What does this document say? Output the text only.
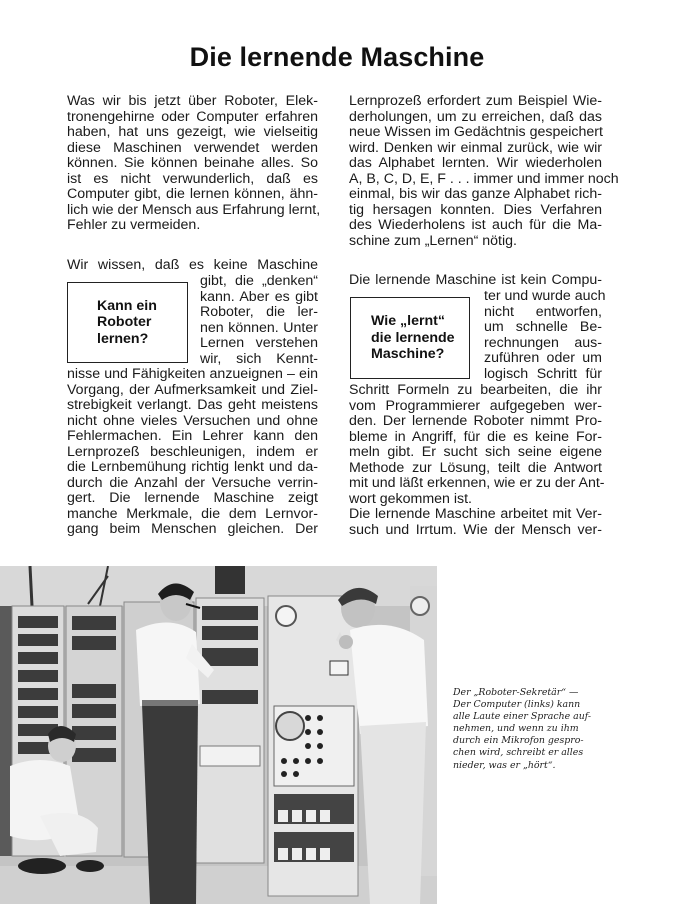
Die lernende Maschine
Was wir bis jetzt über Roboter, Elek-
tronengehirne oder Computer erfahren
haben, hat uns gezeigt, wie vielseitig
diese Maschinen verwendet werden
können. Sie können beinahe alles. So
ist es nicht verwunderlich, daß es
Computer gibt, die lernen können, ähn-
lich wie der Mensch aus Erfahrung lernt,
Fehler zu vermeiden.
Wir wissen, daß es keine Maschine
Kann ein
Roboter
lernen?
gibt, die „denken“
kann. Aber es gibt
Roboter, die ler-
nen können. Unter
Lernen verstehen
wir, sich Kennt-
nisse und Fähigkeiten anzueignen – ein
Vorgang, der Aufmerksamkeit und Ziel-
strebigkeit verlangt. Das geht meistens
nicht ohne vieles Versuchen und ohne
Fehlermachen. Ein Lehrer kann den
Lernprozeß beschleunigen, indem er
die Lernbemühung richtig lenkt und da-
durch die Anzahl der Versuche verrin-
gert. Die lernende Maschine zeigt
manche Merkmale, die dem Lernvor-
gang beim Menschen gleichen. Der
Lernprozeß erfordert zum Beispiel Wie-
derholungen, um zu erreichen, daß das
neue Wissen im Gedächtnis gespeichert
wird. Denken wir einmal zurück, wie wir
das Alphabet lernten. Wir wiederholen
A, B, C, D, E, F . . . immer und immer noch
einmal, bis wir das ganze Alphabet rich-
tig hersagen konnten. Dies Verfahren
des Wiederholens ist auch für die Ma-
schine zum „Lernen“ nötig.
Die lernende Maschine ist kein Compu-
Wie „lernt“
die lernende
Maschine?
ter und wurde auch
nicht entworfen,
um schnelle Be-
rechnungen aus-
zuführen oder um
logisch Schritt für
Schritt Formeln zu bearbeiten, die ihr
vom Programmierer aufgegeben wer-
den. Der lernende Roboter nimmt Pro-
bleme in Angriff, für die es keine For-
meln gibt. Er sucht sich seine eigene
Methode zur Lösung, teilt die Antwort
mit und läßt erkennen, wie er zu der Ant-
wort gekommen ist.
Die lernende Maschine arbeitet mit Ver-
such und Irrtum. Wie der Mensch ver-
Der „Roboter-Sekretär“ —
Der Computer (links) kann
alle Laute einer Sprache auf-
nehmen, und wenn zu ihm
durch ein Mikrofon gespro-
chen wird, schreibt er alles
nieder, was er „hört“.
